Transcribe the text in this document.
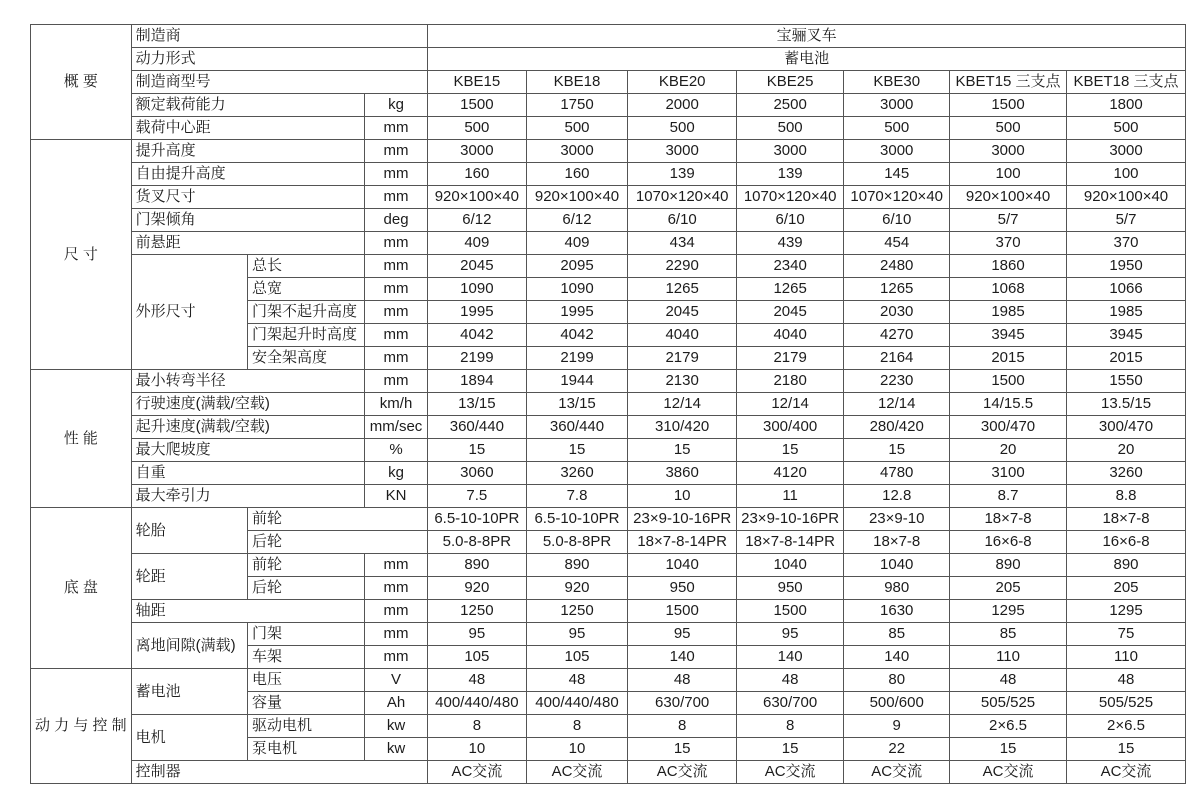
概 要	制造商			宝骊叉车						
	动力形式			蓄电池						
	制造商型号			KBE15	KBE18	KBE20	KBE25	KBE30	KBET15 三支点	KBET18 三支点
	额定载荷能力		kg	1500	1750	2000	2500	3000	1500	1800
	载荷中心距		mm	500	500	500	500	500	500	500
尺 寸	提升高度		mm	3000	3000	3000	3000	3000	3000	3000
	自由提升高度		mm	160	160	139	139	145	100	100
	货叉尺寸		mm	920×100×40	920×100×40	1070×120×40	1070×120×40	1070×120×40	920×100×40	920×100×40
	门架倾角		deg	6/12	6/12	6/10	6/10	6/10	5/7	5/7
	前悬距		mm	409	409	434	439	454	370	370
	外形尺寸	总长	mm	2045	2095	2290	2340	2480	1860	1950
		总宽	mm	1090	1090	1265	1265	1265	1068	1066
		门架不起升高度	mm	1995	1995	2045	2045	2030	1985	1985
		门架起升时高度	mm	4042	4042	4040	4040	4270	3945	3945
		安全架高度	mm	2199	2199	2179	2179	2164	2015	2015
性 能	最小转弯半径		mm	1894	1944	2130	2180	2230	1500	1550
	行驶速度(满载/空载)		km/h	13/15	13/15	12/14	12/14	12/14	14/15.5	13.5/15
	起升速度(满载/空载)		mm/sec	360/440	360/440	310/420	300/400	280/420	300/470	300/470
	最大爬坡度		%	15	15	15	15	15	20	20
	自重		kg	3060	3260	3860	4120	4780	3100	3260
	最大牵引力		KN	7.5	7.8	10	11	12.8	8.7	8.8
底 盘	轮胎	前轮		6.5-10-10PR	6.5-10-10PR	23×9-10-16PR	23×9-10-16PR	23×9-10	18×7-8	18×7-8
		后轮		5.0-8-8PR	5.0-8-8PR	18×7-8-14PR	18×7-8-14PR	18×7-8	16×6-8	16×6-8
	轮距	前轮	mm	890	890	1040	1040	1040	890	890
		后轮	mm	920	920	950	950	980	205	205
	轴距		mm	1250	1250	1500	1500	1630	1295	1295
	离地间隙(满载)	门架	mm	95	95	95	95	85	85	75
		车架	mm	105	105	140	140	140	110	110
动 力 与 控 制	蓄电池	电压	V	48	48	48	48	80	48	48
		容量	Ah	400/440/480	400/440/480	630/700	630/700	500/600	505/525	505/525
	电机	驱动电机	kw	8	8	8	8	9	2×6.5	2×6.5
		泵电机	kw	10	10	15	15	22	15	15
	控制器			AC交流	AC交流	AC交流	AC交流	AC交流	AC交流	AC交流
